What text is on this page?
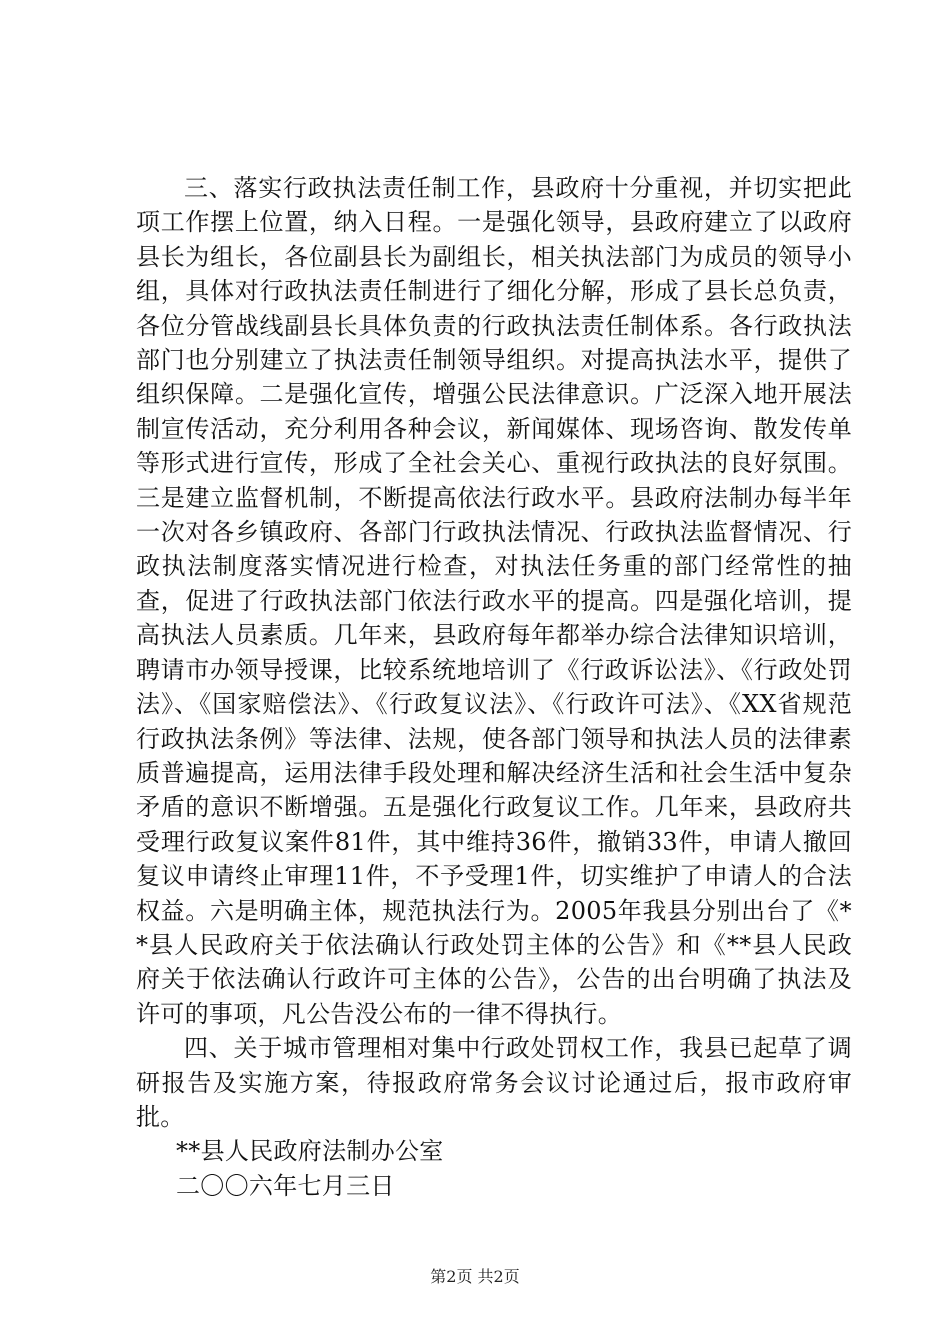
三、落实行政执法责任制工作，县政府十分重视，并切实把此项工作摆上位置，纳入日程。一是强化领导，县政府建立了以政府县长为组长，各位副县长为副组长，相关执法部门为成员的领导小组，具体对行政执法责任制进行了细化分解，形成了县长总负责，各位分管战线副县长具体负责的行政执法责任制体系。各行政执法部门也分别建立了执法责任制领导组织。对提高执法水平，提供了组织保障。二是强化宣传，增强公民法律意识。广泛深入地开展法制宣传活动，充分利用各种会议，新闻媒体、现场咨询、散发传单等形式进行宣传，形成了全社会关心、重视行政执法的良好氛围。三是建立监督机制，不断提高依法行政水平。县政府法制办每半年一次对各乡镇政府、各部门行政执法情况、行政执法监督情况、行政执法制度落实情况进行检查，对执法任务重的部门经常性的抽查，促进了行政执法部门依法行政水平的提高。四是强化培训，提高执法人员素质。几年来，县政府每年都举办综合法律知识培训，聘请市办领导授课，比较系统地培训了《行政诉讼法》、《行政处罚法》、《国家赔偿法》、《行政复议法》、《行政许可法》、《XX省规范行政执法条例》等法律、法规，使各部门领导和执法人员的法律素质普遍提高，运用法律手段处理和解决经济生活和社会生活中复杂矛盾的意识不断增强。五是强化行政复议工作。几年来，县政府共受理行政复议案件81件，其中维持36件，撤销33件，申请人撤回复议申请终止审理11件，不予受理1件，切实维护了申请人的合法权益。六是明确主体，规范执法行为。2005年我县分别出台了《**县人民政府关于依法确认行政处罚主体的公告》和《**县人民政府关于依法确认行政许可主体的公告》，公告的出台明确了执法及许可的事项，凡公告没公布的一律不得执行。

四、关于城市管理相对集中行政处罚权工作，我县已起草了调研报告及实施方案，待报政府常务会议讨论通过后，报市政府审批。

**县人民政府法制办公室

二〇〇六年七月三日

第2页 共2页
